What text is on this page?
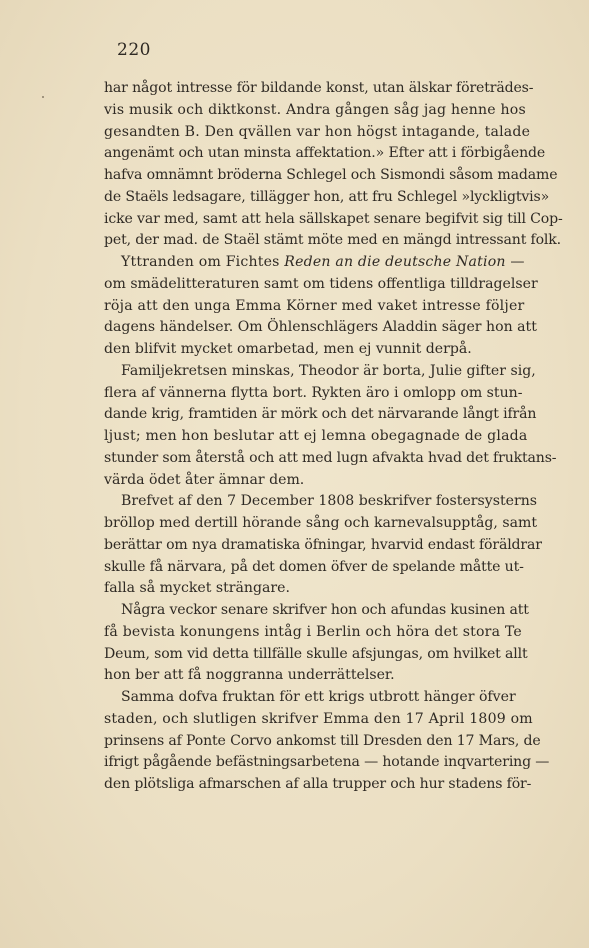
220
har något intresse för bildande konst, utan älskar företrädes-
vis musik och diktkonst. Andra gången såg jag henne hos
gesandten B. Den qvällen var hon högst intagande, talade
angenämt och utan minsta affektation.» Efter att i förbigående
hafva omnämnt bröderna Schlegel och Sismondi såsom madame
de Staëls ledsagare, tillägger hon, att fru Schlegel »lyckligtvis»
icke var med, samt att hela sällskapet senare begifvit sig till Cop-
pet, der mad. de Staël stämt möte med en mängd intressant folk.
Yttranden om Fichtes Reden an die deutsche Nation —
om smädelitteraturen samt om tidens offentliga tilldragelser
röja att den unga Emma Körner med vaket intresse följer
dagens händelser. Om Öhlenschlägers Aladdin säger hon att
den blifvit mycket omarbetad, men ej vunnit derpå.
Familjekretsen minskas, Theodor är borta, Julie gifter sig,
flera af vännerna flytta bort. Rykten äro i omlopp om stun-
dande krig, framtiden är mörk och det närvarande långt ifrån
ljust; men hon beslutar att ej lemna obegagnade de glada
stunder som återstå och att med lugn afvakta hvad det fruktans-
värda ödet åter ämnar dem.
Brefvet af den 7 December 1808 beskrifver fostersysterns
bröllop med dertill hörande sång och karnevalsupptåg, samt
berättar om nya dramatiska öfningar, hvarvid endast föräldrar
skulle få närvara, på det domen öfver de spelande måtte ut-
falla så mycket strängare.
Några veckor senare skrifver hon och afundas kusinen att
få bevista konungens intåg i Berlin och höra det stora Te
Deum, som vid detta tillfälle skulle afsjungas, om hvilket allt
hon ber att få noggranna underrättelser.
Samma dofva fruktan för ett krigs utbrott hänger öfver
staden, och slutligen skrifver Emma den 17 April 1809 om
prinsens af Ponte Corvo ankomst till Dresden den 17 Mars, de
ifrigt pågående befästningsarbetena — hotande inqvartering —
den plötsliga afmarschen af alla trupper och hur stadens för-
